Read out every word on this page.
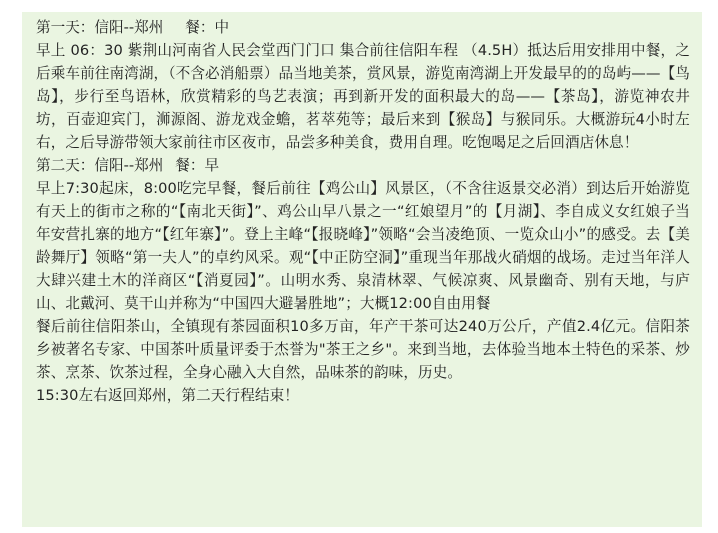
第一天：信阳--郑州 餐：中

早上 06：30 紫荆山河南省人民会堂西门门口 集合前往信阳车程 （4.5H）抵达后用安排用中餐，之后乘车前往南湾湖，（不含必消船票）品当地美茶，赏风景，游览南湾湖上开发最早的的岛屿——【鸟岛】，步行至鸟语林，欣赏精彩的鸟艺表演；再到新开发的面积最大的岛——【茶岛】，游览神农井坊，百壶迎宾门，浉源阁、游龙戏金蟾，茗萃苑等；最后来到【猴岛】与猴同乐。大概游玩4小时左右，之后导游带领大家前往市区夜市，品尝多种美食，费用自理。吃饱喝足之后回酒店休息！

第二天：信阳--郑州 餐：早

早上7:30起床，8:00吃完早餐，餐后前往【鸡公山】风景区，（不含往返景交必消）到达后开始游览有天上的街市之称的“【南北天街】”、鸡公山早八景之一“红娘望月”的【月湖】、李自成义女红娘子当年安营扎寨的地方“【红年寨】”。登上主峰“【报晓峰】”领略“会当凌绝顶、一览众山小”的感受。去【美龄舞厅】领略“第一夫人”的卓约风采。观“【中正防空洞】”重现当年那战火硝烟的战场。走过当年洋人大肆兴建土木的洋商区“【消夏园】”。山明水秀、泉清林翠、气候凉爽、风景幽奇、别有天地，与庐山、北戴河、莫干山并称为“中国四大避暑胜地”；大概12:00自由用餐

餐后前往信阳茶山，全镇现有茶园面积10多万亩，年产干茶可达240万公斤，产值2.4亿元。信阳茶乡被著名专家、中国茶叶质量评委于杰誉为"茶王之乡"。来到当地，去体验当地本土特色的采茶、炒茶、烹茶、饮茶过程，全身心融入大自然，品味茶的韵味，历史。

15:30左右返回郑州，第二天行程结束！
